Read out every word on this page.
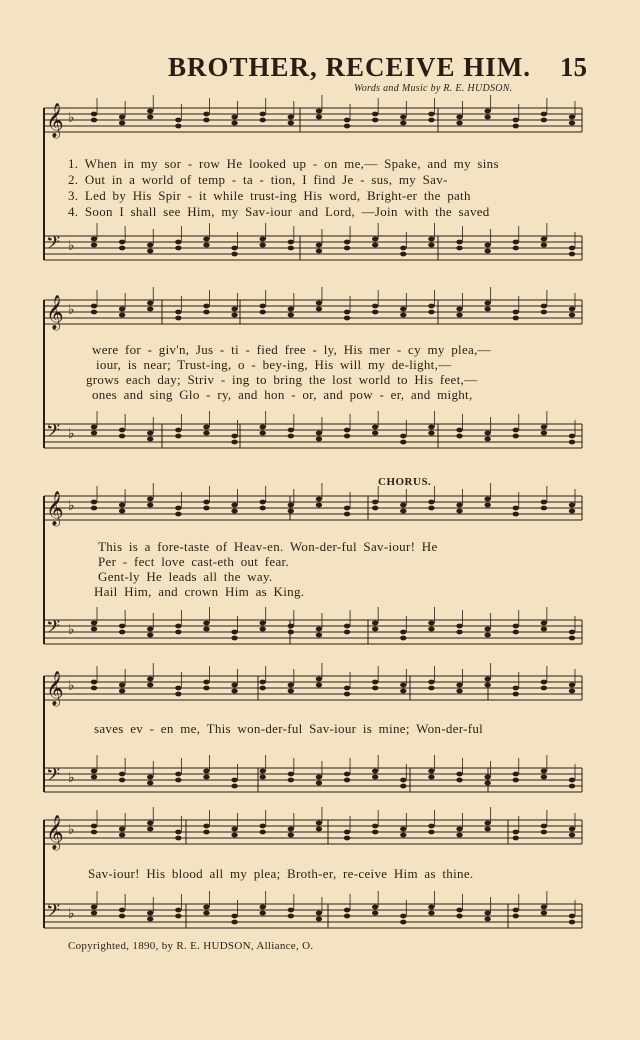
BROTHER, RECEIVE HIM. 15
Words and Music by R. E. HUDSON.
CHORUS.
𝄞 ♭
𝄢 ♭
𝄞 ♭
𝄢 ♭
𝄞 ♭
𝄢 ♭
𝄞 ♭
𝄢 ♭
𝄞 ♭
𝄢 ♭
1. When in my sor - row He looked up - on me,— Spake, and my sins
2. Out in a world of temp - ta - tion, I find Je - sus, my Sav-
3. Led by His Spir - it while trust-ing His word, Bright-er the path
4. Soon I shall see Him, my Sav-iour and Lord, —Join with the saved
were for - giv'n, Jus - ti - fied free - ly, His mer - cy my plea,—
iour, is near; Trust-ing, o - bey-ing, His will my de-light,—
grows each day; Striv - ing to bring the lost world to His feet,—
ones and sing Glo - ry, and hon - or, and pow - er, and might,
This is a fore-taste of Heav-en. Won-der-ful Sav-iour! He
Per - fect love cast-eth out fear.
Gent-ly He leads all the way.
Hail Him, and crown Him as King.
saves ev - en me, This won-der-ful Sav-iour is mine; Won-der-ful
Sav-iour! His blood all my plea; Broth-er, re-ceive Him as thine.
Copyrighted, 1890, by R. E. HUDSON, Alliance, O.
